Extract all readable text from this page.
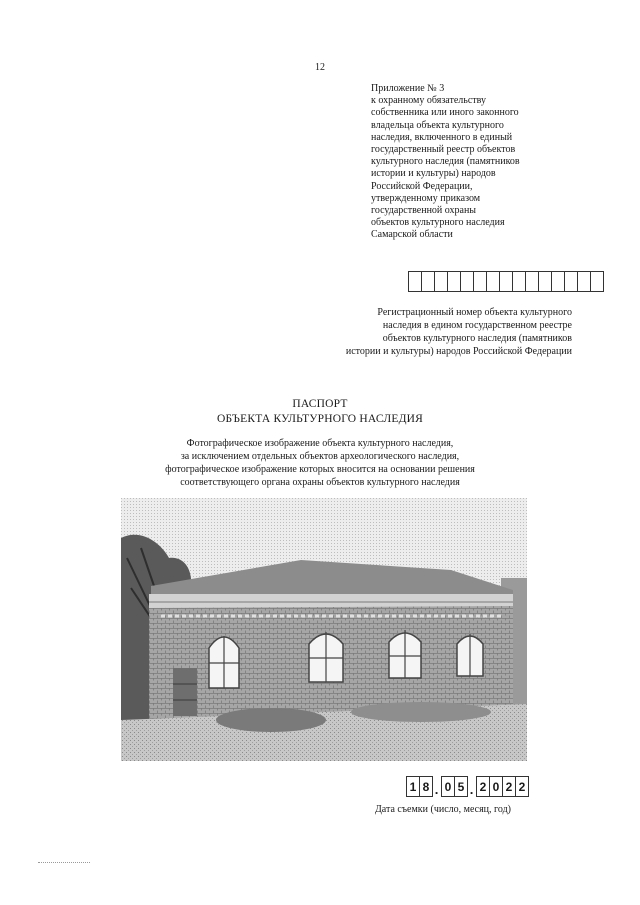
12
Приложение № 3
к охранному обязательству
собственника или иного законного
владельца объекта культурного
наследия, включенного в единый
государственный реестр объектов
культурного наследия (памятников
истории и культуры) народов
Российской Федерации,
утвержденному приказом
государственной охраны
объектов культурного наследия
Самарской области
Регистрационный номер объекта культурного
наследия в едином государственном реестре
объектов культурного наследия (памятников
истории и культуры) народов Российской Федерации
ПАСПОРТ
ОБЪЕКТА КУЛЬТУРНОГО НАСЛЕДИЯ
Фотографическое изображение объекта культурного наследия,
за исключением отдельных объектов археологического наследия,
фотографическое изображение которых вносится на основании решения
соответствующего органа охраны объектов культурного наследия
1 8 . 0 5 . 2 0 2 2
Дата съемки (число, месяц, год)
